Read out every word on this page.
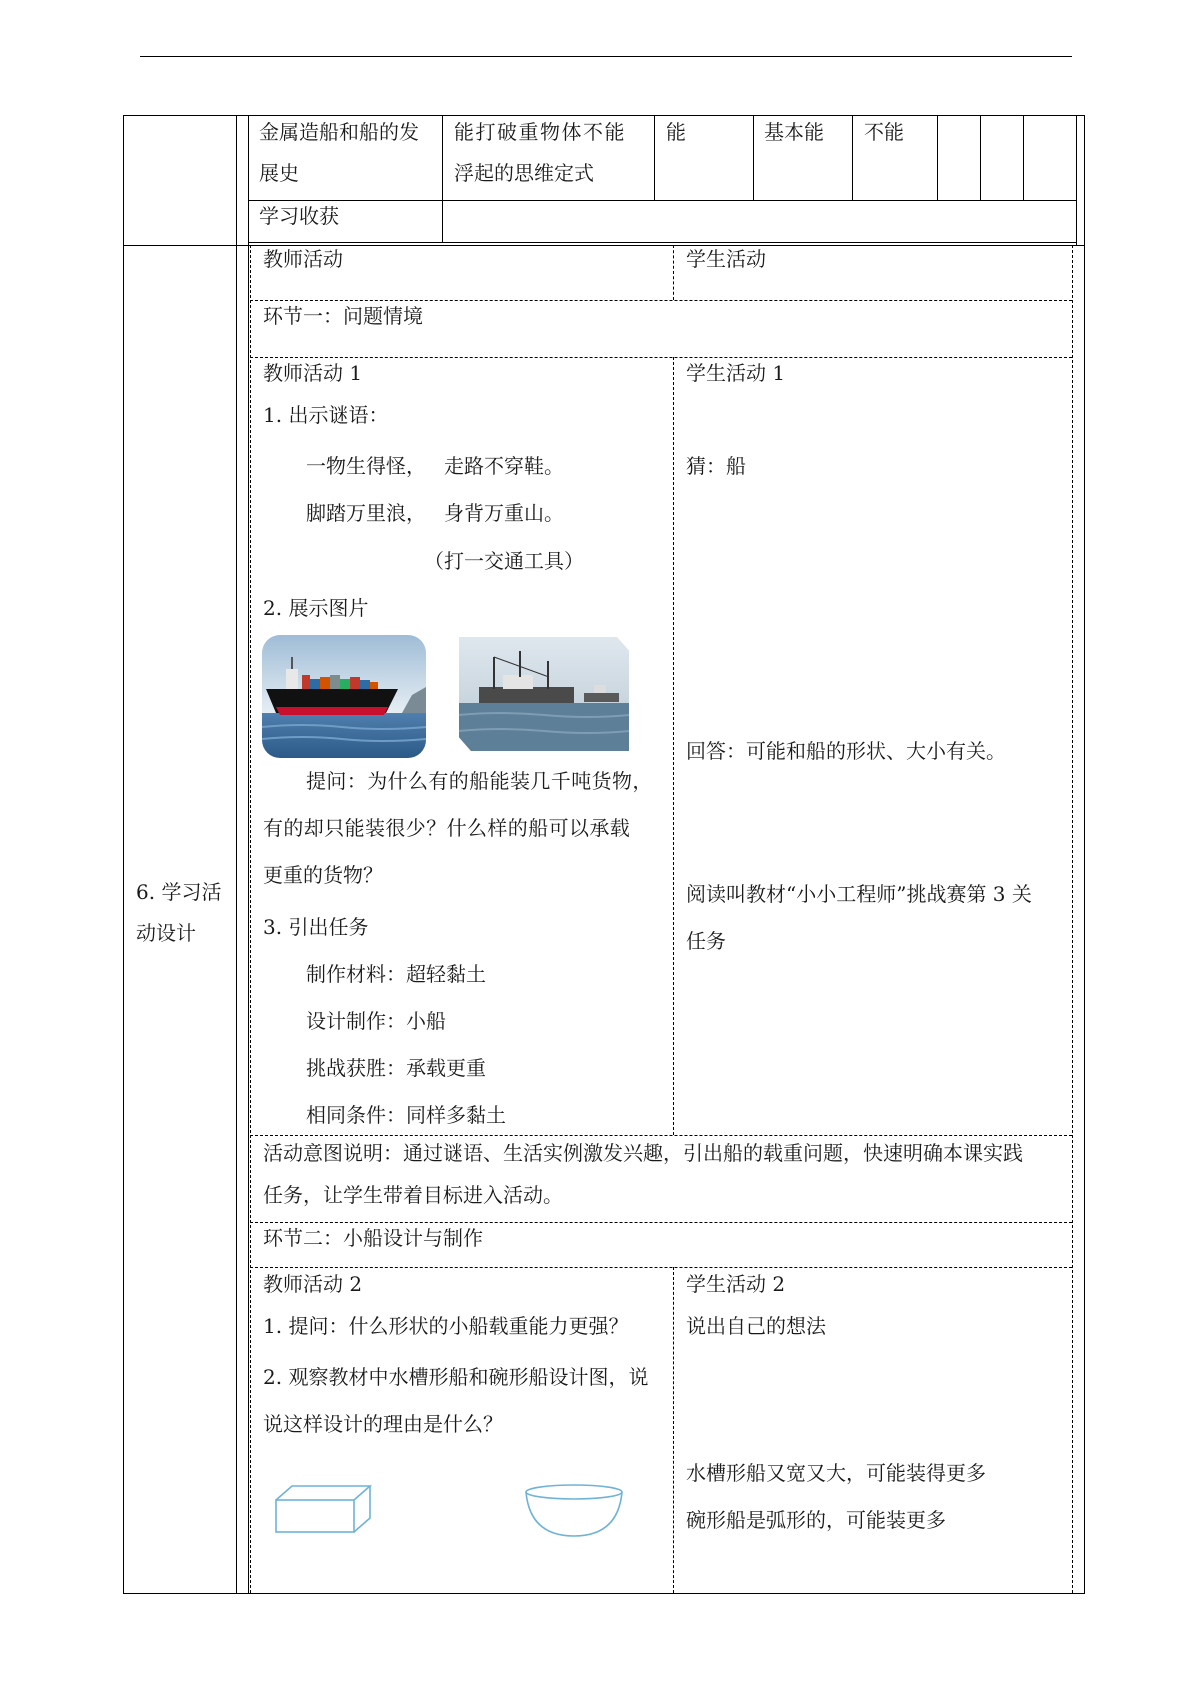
金属造船和船的发
展史
能打破重物体不能
浮起的思维定式
能	基本能 不能
学习收获
6. 学习活
动设计
教师活动	学生活动
环节一：问题情境
教师活动 1
1. 出示谜语：
一物生得怪， 走路不穿鞋。
脚踏万里浪， 身背万重山。
（打一交通工具）
2. 展示图片
提问：为什么有的船能装几千吨货物，
有的却只能装很少？什么样的船可以承载
更重的货物？
3. 引出任务
制作材料：超轻黏土
设计制作：小船
挑战获胜：承载更重
相同条件：同样多黏土
学生活动 1
猜：船
回答：可能和船的形状、大小有关。
阅读叫教材“小小工程师”挑战赛第 3 关
任务
活动意图说明：通过谜语、生活实例激发兴趣，引出船的载重问题，快速明确本课实践
任务，让学生带着目标进入活动。
环节二：小船设计与制作
教师活动 2
1. 提问：什么形状的小船载重能力更强？
2. 观察教材中水槽形船和碗形船设计图，说
说这样设计的理由是什么？
学生活动 2
说出自己的想法
水槽形船又宽又大，可能装得更多
碗形船是弧形的，可能装更多
